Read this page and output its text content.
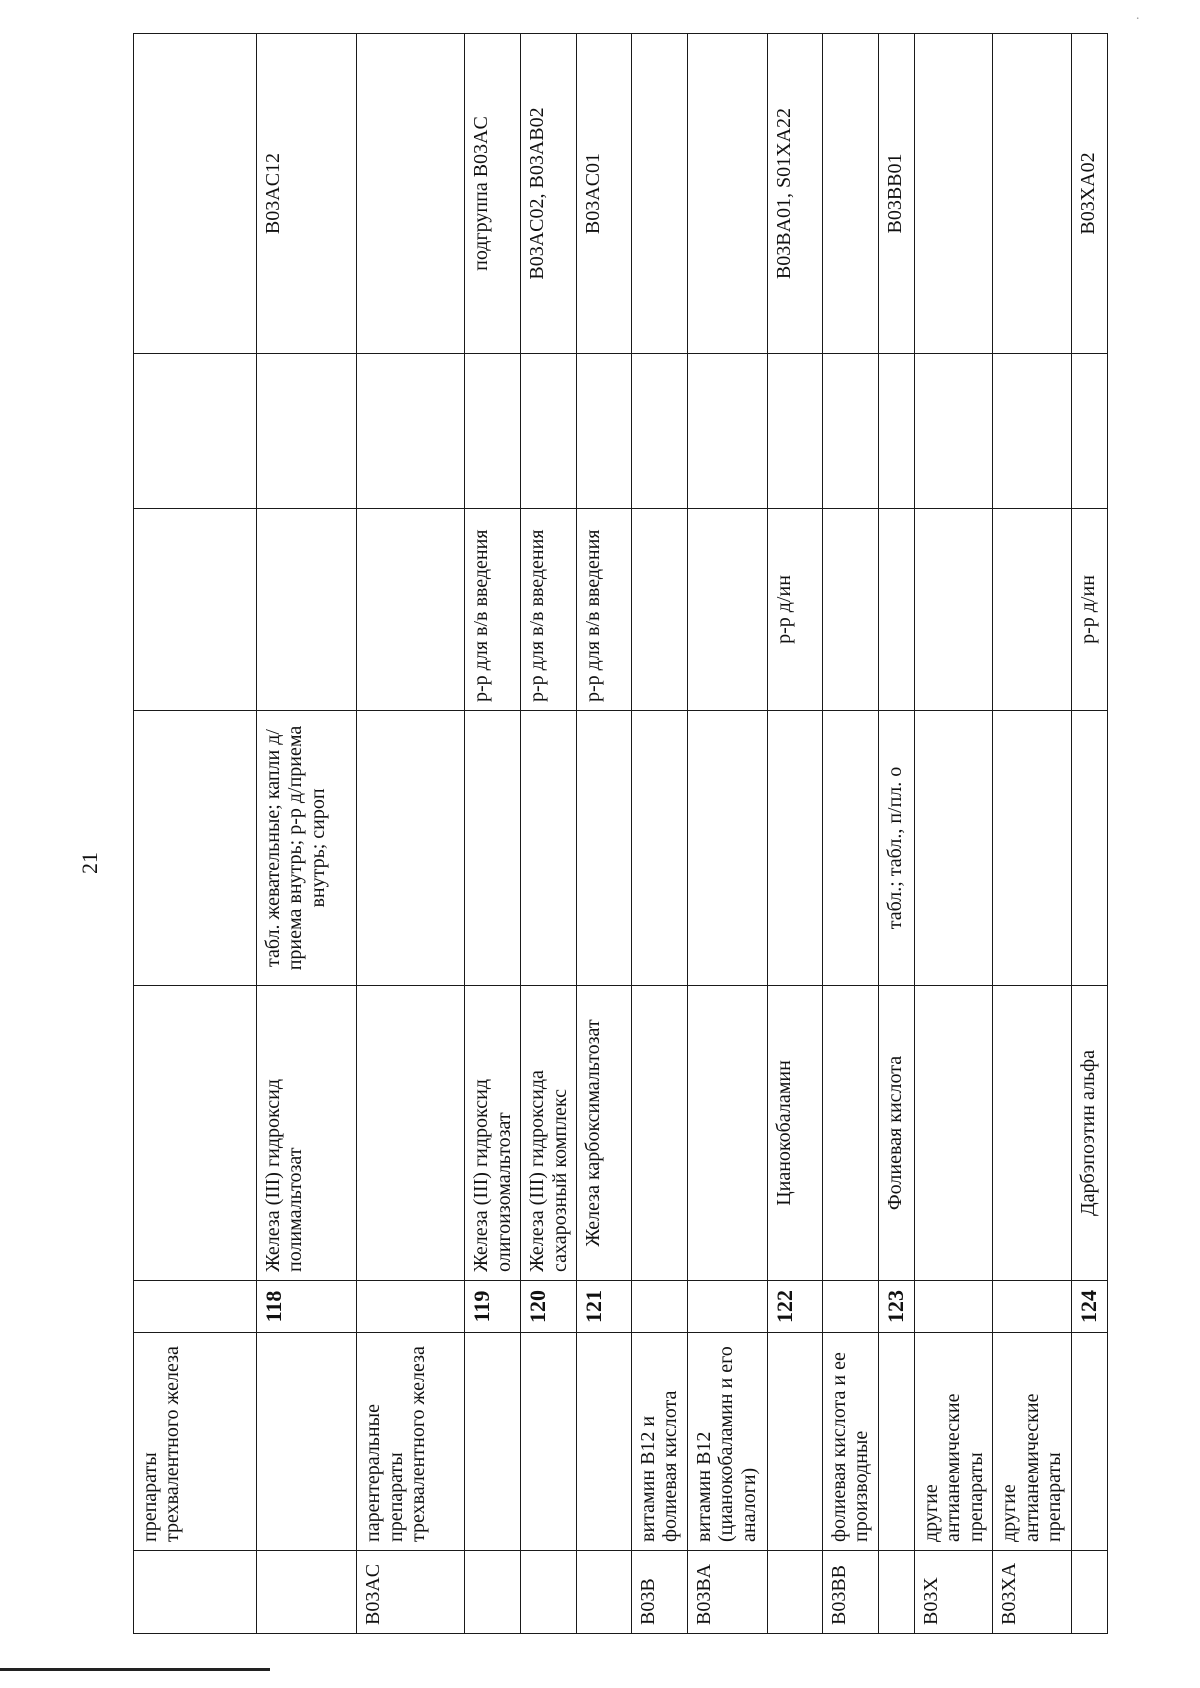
·
21
	препараты трехвалентного железа						
		118	Железа (III) гидроксид полимальтозат	табл. жевательные; капли д/приема внутрь; р-р д/приема внутрь; сироп			B03AC12
B03AC	парентеральные препараты трехвалентного железа						
		119	Железа (III) гидроксид олигоизомальтозат		р-р для в/в введения		подгруппа B03AC
		120	Железа (III) гидроксида сахарозный комплекс		р-р для в/в введения		B03AC02, B03AB02
		121	Железа карбоксимальтозат		р-р для в/в введения		B03AC01
B03B	витамин B12 и фолиевая кислота						
B03BA	витамин B12 (цианокобаламин и его аналоги)						
		122	Цианокобаламин		р-р д/ин		B03BA01, S01XA22
B03BB	фолиевая кислота и ее производные						
		123	Фолиевая кислота	табл.; табл., п/пл. о			B03BB01
B03X	другие антианемические препараты						
B03XA	другие антианемические препараты						
		124	Дарбэпоэтин альфа		р-р д/ин		B03XA02
